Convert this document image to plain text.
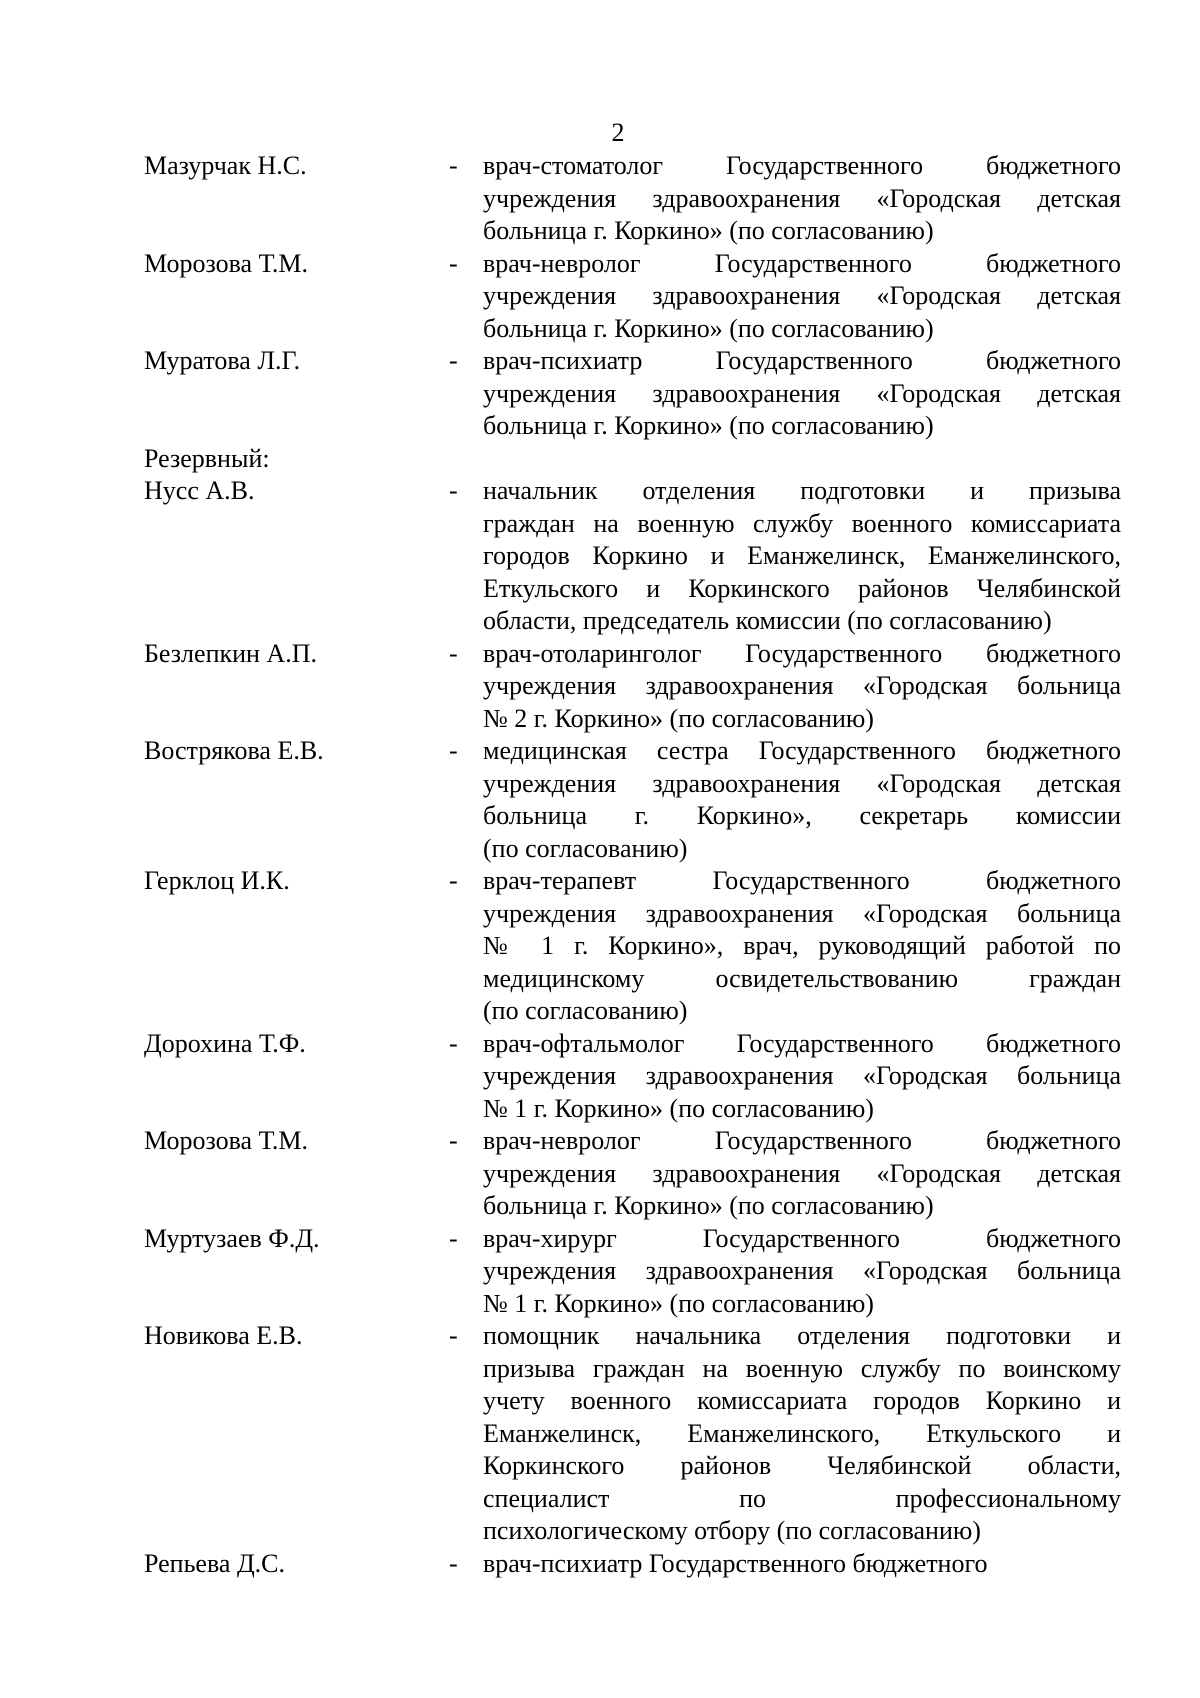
2
Мазурчак Н.С.	- врач-стоматолог Государственного бюджетного
учреждения здравоохранения «Городская детская
больница г. Коркино» (по согласованию)
Морозова Т.М.	- врач-невролог Государственного бюджетного
учреждения здравоохранения «Городская детская
больница г. Коркино» (по согласованию)
Муратова Л.Г.	- врач-психиатр Государственного бюджетного
учреждения здравоохранения «Городская детская
больница г. Коркино» (по согласованию)
Резервный:
Нусс А.В.	- начальник отделения подготовки и призыва
граждан на военную службу военного комиссариата
городов Коркино и Еманжелинск, Еманжелинского,
Еткульского и Коркинского районов Челябинской
области, председатель комиссии (по согласованию)
Безлепкин А.П.	- врач-отоларинголог Государственного бюджетного
учреждения здравоохранения «Городская больница
№ 2 г. Коркино» (по согласованию)
Вострякова Е.В.	- медицинская сестра Государственного бюджетного
учреждения здравоохранения «Городская детская
больница г. Коркино», секретарь комиссии
(по согласованию)
Герклоц И.К.	- врач-терапевт Государственного бюджетного
учреждения здравоохранения «Городская больница
№ 1 г. Коркино», врач, руководящий работой по
медицинскому освидетельствованию граждан
(по согласованию)
Дорохина Т.Ф.	- врач-офтальмолог Государственного бюджетного
учреждения здравоохранения «Городская больница
№ 1 г. Коркино» (по согласованию)
Морозова Т.М.	- врач-невролог Государственного бюджетного
учреждения здравоохранения «Городская детская
больница г. Коркино» (по согласованию)
Муртузаев Ф.Д.	- врач-хирург Государственного бюджетного
учреждения здравоохранения «Городская больница
№ 1 г. Коркино» (по согласованию)
Новикова Е.В.	- помощник начальника отделения подготовки и
призыва граждан на военную службу по воинскому
учету военного комиссариата городов Коркино и
Еманжелинск, Еманжелинского, Еткульского и
Коркинского районов Челябинской области,
специалист по профессиональному
психологическому отбору (по согласованию)
Репьева Д.С.	- врач-психиатр Государственного бюджетного
